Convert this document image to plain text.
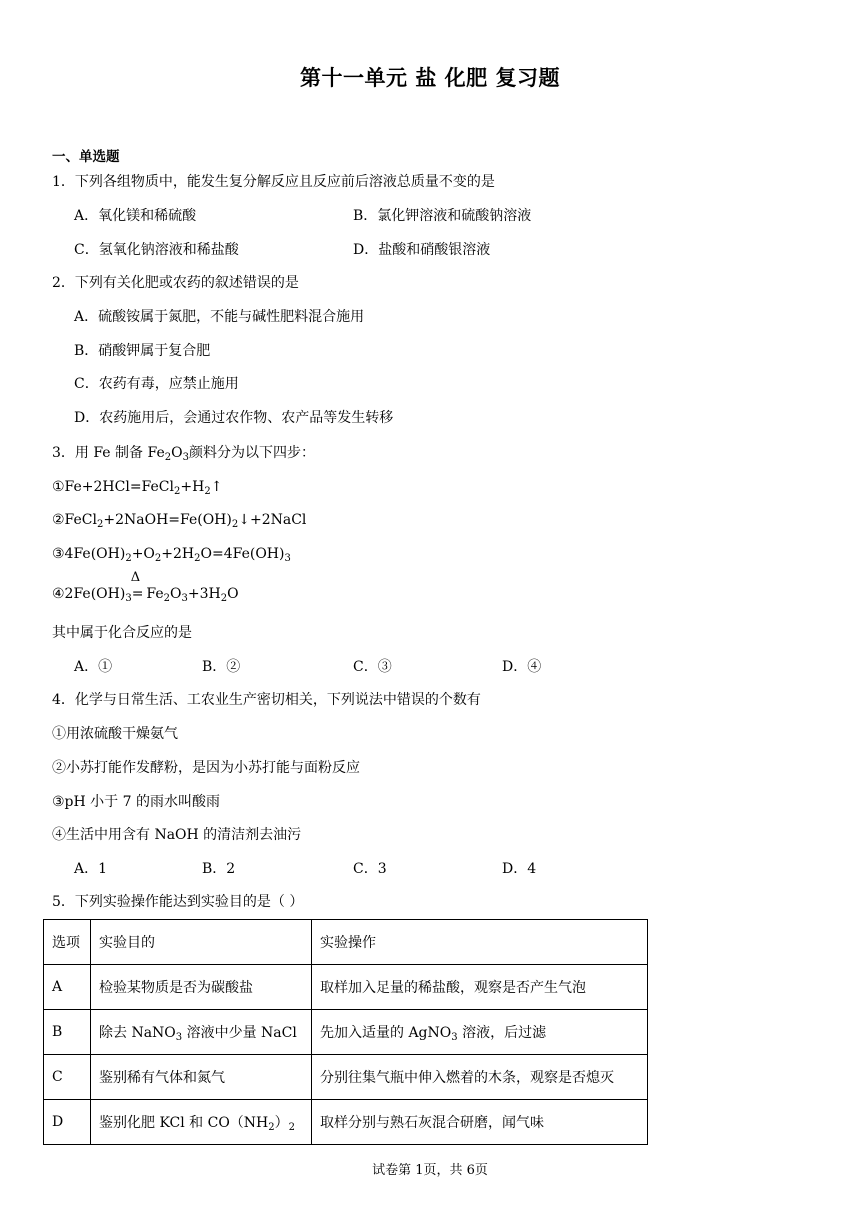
第十一单元 盐 化肥 复习题
一、单选题
1．下列各组物质中，能发生复分解反应且反应前后溶液总质量不变的是
A．氧化镁和稀硫酸	B．氯化钾溶液和硫酸钠溶液
C．氢氧化钠溶液和稀盐酸	D．盐酸和硝酸银溶液
2．下列有关化肥或农药的叙述错误的是
A．硫酸铵属于氮肥，不能与碱性肥料混合施用
B．硝酸钾属于复合肥
C．农药有毒，应禁止施用
D．农药施用后，会通过农作物、农产品等发生转移
3．用 Fe 制备 $Fe_2O_3$颜料分为以下四步：
$①Fe+2HCl=FeCl_2+H_2↑$
$②FeCl_2+2NaOH=Fe(OH)_2↓+2NaCl$
$③4Fe(OH)_2+O_2+2H_2O=4Fe(OH)_3$
$④2Fe(OH)_3$
Δ
= $Fe_2O_3+3H_2O$
其中属于化合反应的是
A．①	B．②	C．③	D．④
4．化学与日常生活、工农业生产密切相关，下列说法中错误的个数有
①用浓硫酸干燥氨气
②小苏打能作发酵粉，是因为小苏打能与面粉反应
③pH 小于 7 的雨水叫酸雨
④生活中用含有 NaOH 的清洁剂去油污
A．1	B．2	C．3	D．4
5．下列实验操作能达到实验目的是（ ）
选项	实验目的	实验操作
A	检验某物质是否为碳酸盐	取样加入足量的稀盐酸，观察是否产生气泡
B	除去 NaNO$_3$ 溶液中少量 NaCl	先加入适量的 AgNO$_3$ 溶液，后过滤
C	鉴别稀有气体和氮气	分别往集气瓶中伸入燃着的木条，观察是否熄灭
D	鉴别化肥 KCl 和 $CO(NH_2)_2$	取样分别与熟石灰混合研磨，闻气味
试卷第 1页，共 6页
